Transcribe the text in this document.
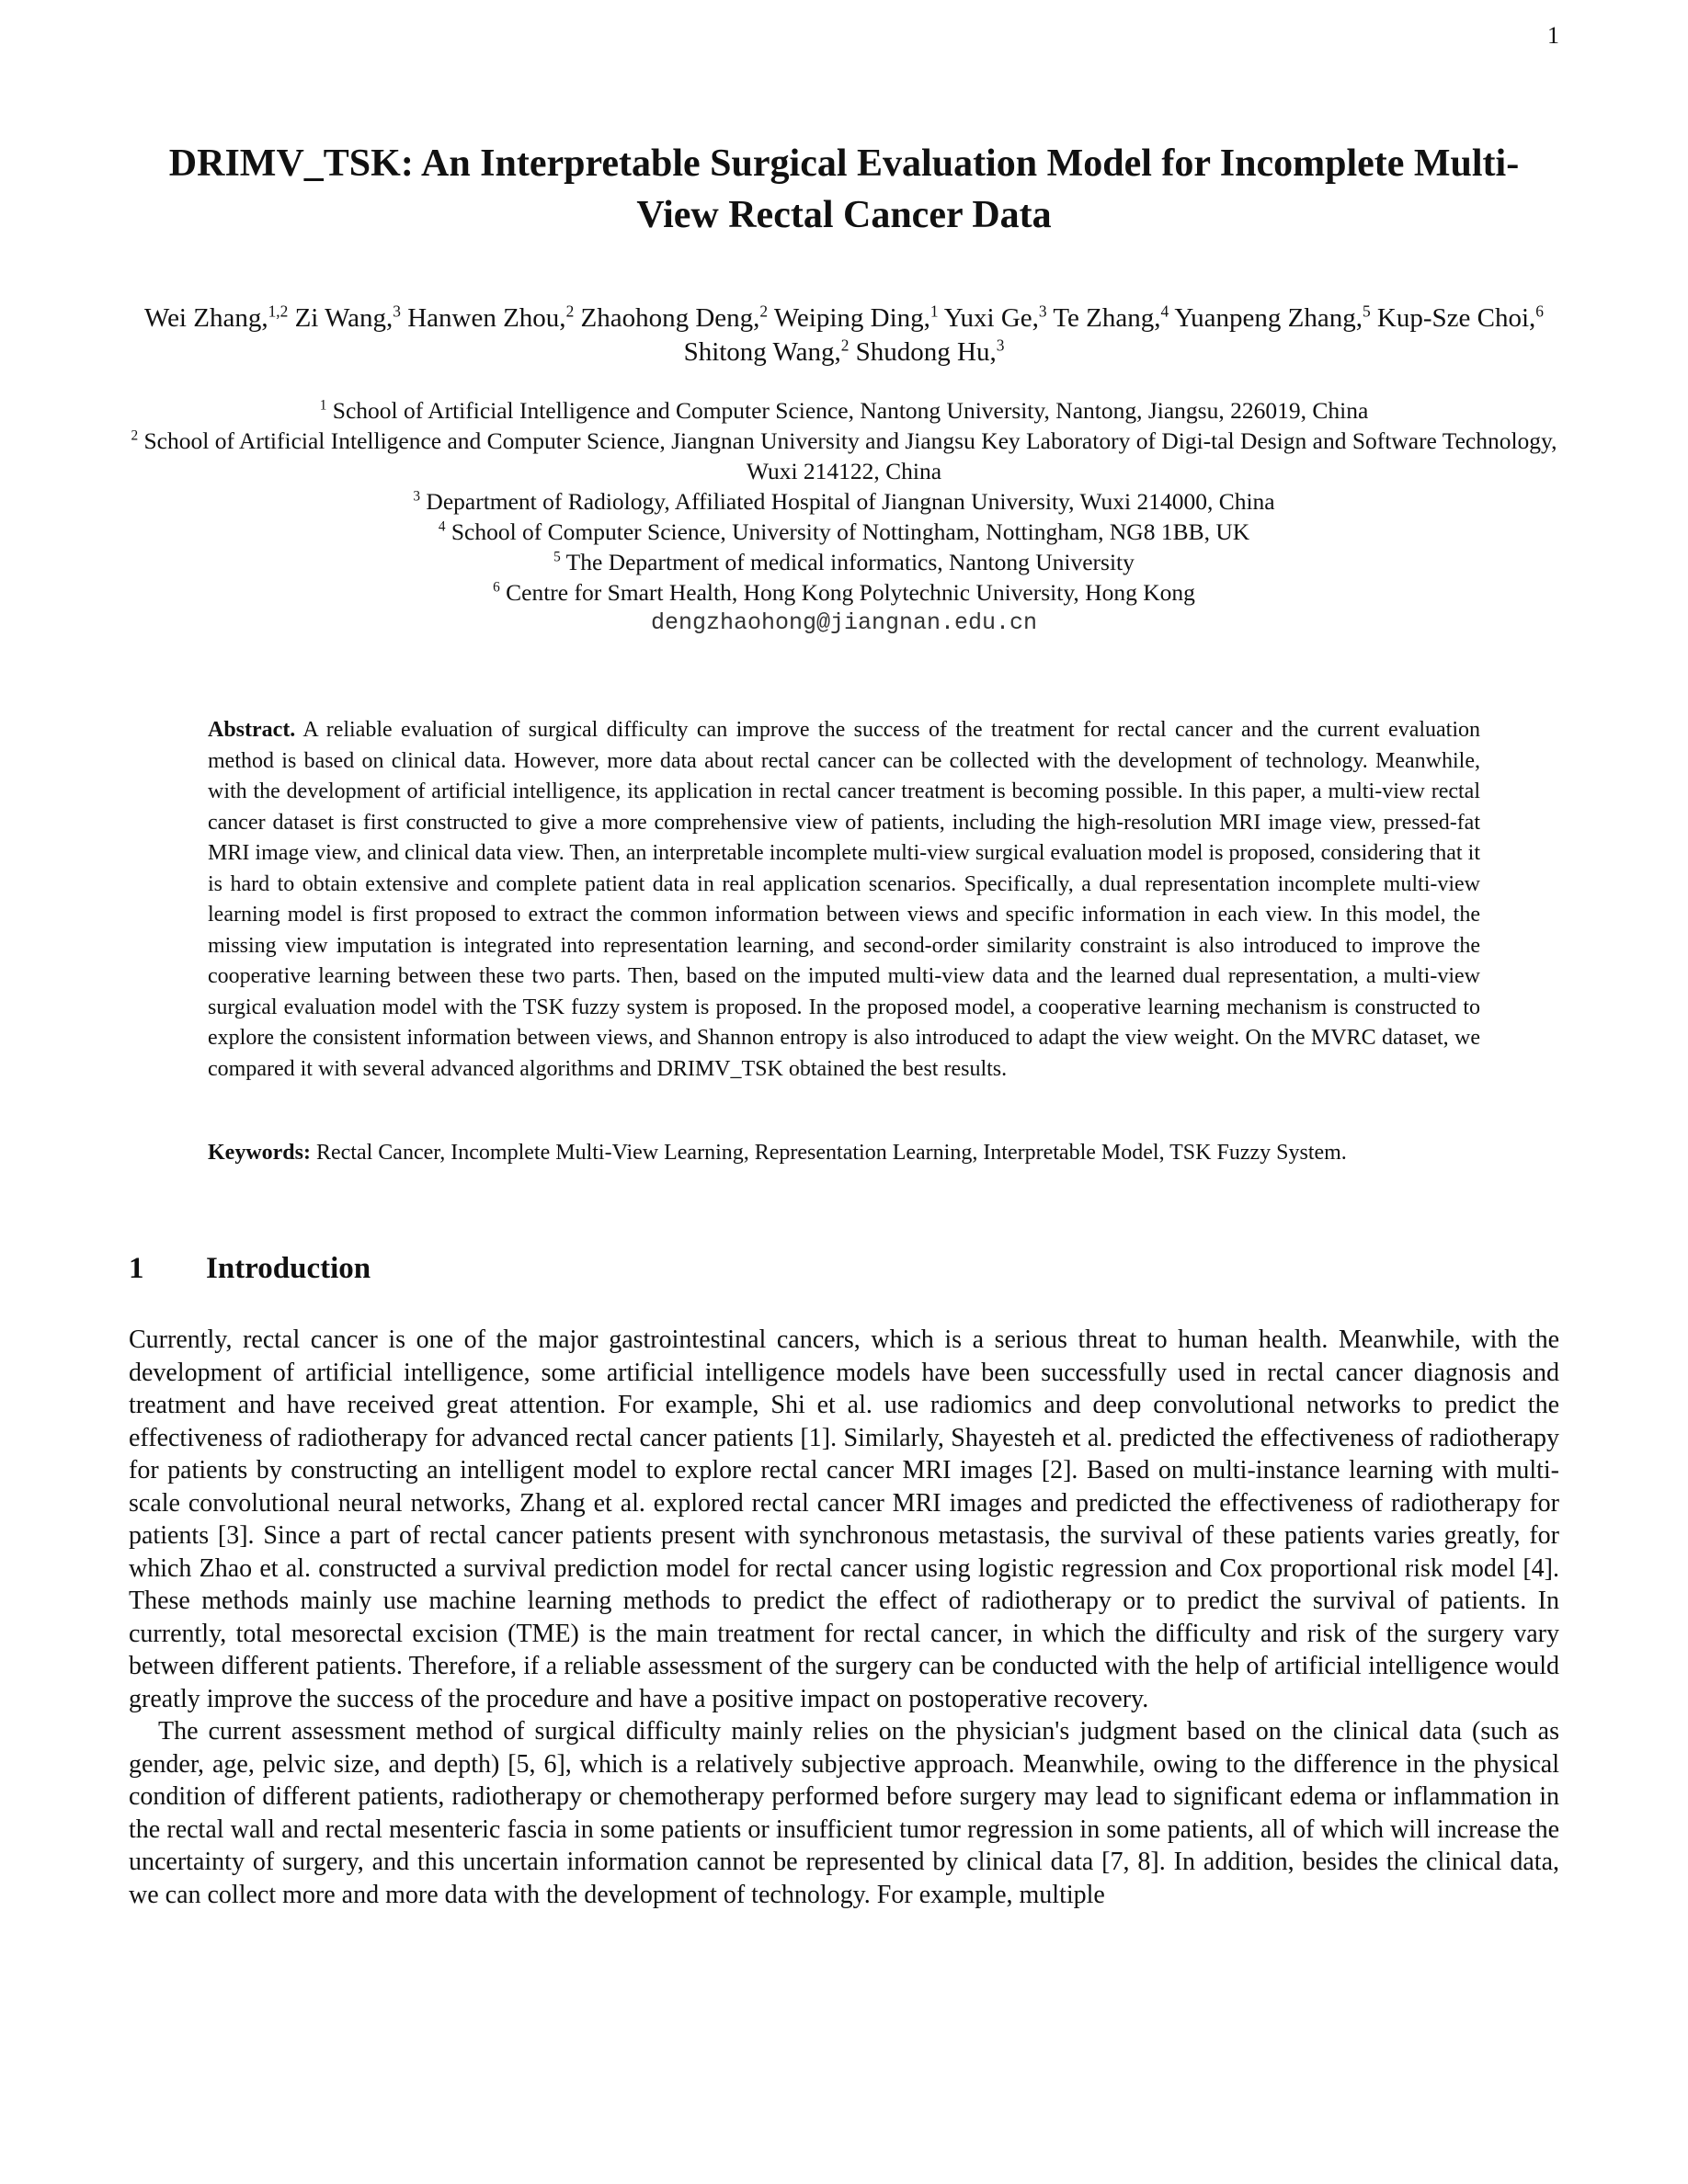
1
DRIMV_TSK: An Interpretable Surgical Evaluation Model for Incomplete Multi-View Rectal Cancer Data
Wei Zhang,$^{1,2}$ Zi Wang,$^3$ Hanwen Zhou,$^2$ Zhaohong Deng,$^2$ Weiping Ding,$^1$ Yuxi Ge,$^3$ Te Zhang,$^4$ Yuanpeng Zhang,$^5$ Kup-Sze Choi,$^6$ Shitong Wang,$^2$ Shudong Hu,$^3$
$^1$ School of Artificial Intelligence and Computer Science, Nantong University, Nantong, Jiangsu, 226019, China
$^2$ School of Artificial Intelligence and Computer Science, Jiangnan University and Jiangsu Key Laboratory of Digi-tal Design and Software Technology, Wuxi 214122, China
$^3$ Department of Radiology, Affiliated Hospital of Jiangnan University, Wuxi 214000, China
$^4$ School of Computer Science, University of Nottingham, Nottingham, NG8 1BB, UK
$^5$ The Department of medical informatics, Nantong University
$^6$ Centre for Smart Health, Hong Kong Polytechnic University, Hong Kong
dengzhaohong@jiangnan.edu.cn

Abstract. A reliable evaluation of surgical difficulty can improve the success of the treatment for rectal cancer and the current evaluation method is based on clinical data. However, more data about rectal cancer can be collected with the development of technology. Meanwhile, with the development of artificial intelligence, its application in rectal cancer treatment is becoming possible. In this paper, a multi-view rectal cancer dataset is first constructed to give a more comprehensive view of patients, including the high-resolution MRI image view, pressed-fat MRI image view, and clinical data view. Then, an interpretable incomplete multi-view surgical evaluation model is proposed, considering that it is hard to obtain extensive and complete patient data in real application scenarios. Specifically, a dual representation incomplete multi-view learning model is first proposed to extract the common information between views and specific information in each view. In this model, the missing view imputation is integrated into representation learning, and second-order similarity constraint is also introduced to improve the cooperative learning between these two parts. Then, based on the imputed multi-view data and the learned dual representation, a multi-view surgical evaluation model with the TSK fuzzy system is proposed. In the proposed model, a cooperative learning mechanism is constructed to explore the consistent information between views, and Shannon entropy is also introduced to adapt the view weight. On the MVRC dataset, we compared it with several advanced algorithms and DRIMV_TSK obtained the best results.

Keywords: Rectal Cancer, Incomplete Multi-View Learning, Representation Learning, Interpretable Model, TSK Fuzzy System.

1 Introduction

Currently, rectal cancer is one of the major gastrointestinal cancers, which is a serious threat to human health. Meanwhile, with the development of artificial intelligence, some artificial intelligence models have been successfully used in rectal cancer diagnosis and treatment and have received great attention. For example, Shi et al. use radiomics and deep convolutional networks to predict the effectiveness of radiotherapy for advanced rectal cancer patients [1]. Similarly, Shayesteh et al. predicted the effectiveness of radiotherapy for patients by constructing an intelligent model to explore rectal cancer MRI images [2]. Based on multi-instance learning with multi-scale convolutional neural networks, Zhang et al. explored rectal cancer MRI images and predicted the effectiveness of radiotherapy for patients [3]. Since a part of rectal cancer patients present with synchronous metastasis, the survival of these patients varies greatly, for which Zhao et al. constructed a survival prediction model for rectal cancer using logistic regression and Cox proportional risk model [4]. These methods mainly use machine learning methods to predict the effect of radiotherapy or to predict the survival of patients. In currently, total mesorectal excision (TME) is the main treatment for rectal cancer, in which the difficulty and risk of the surgery vary between different patients. Therefore, if a reliable assessment of the surgery can be conducted with the help of artificial intelligence would greatly improve the success of the procedure and have a positive impact on postoperative recovery.

The current assessment method of surgical difficulty mainly relies on the physician's judgment based on the clinical data (such as gender, age, pelvic size, and depth) [5, 6], which is a relatively subjective approach. Meanwhile, owing to the difference in the physical condition of different patients, radiotherapy or chemotherapy performed before surgery may lead to significant edema or inflammation in the rectal wall and rectal mesenteric fascia in some patients or insufficient tumor regression in some patients, all of which will increase the uncertainty of surgery, and this uncertain information cannot be represented by clinical data [7, 8]. In addition, besides the clinical data, we can collect more and more data with the development of technology. For example, multiple
